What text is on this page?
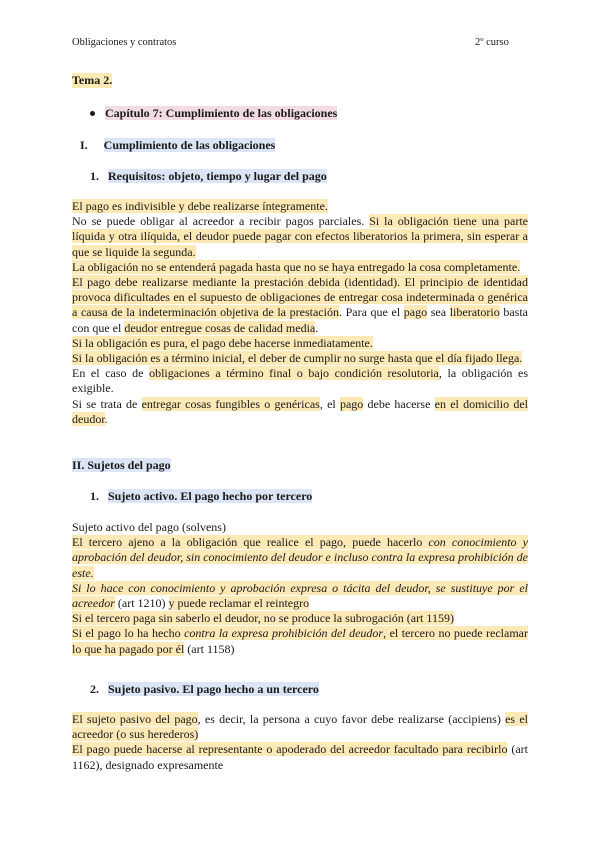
Obligaciones y contratos	2º curso
Tema 2.
Capítulo 7: Cumplimiento de las obligaciones
I. Cumplimiento de las obligaciones
1. Requisitos: objeto, tiempo y lugar del pago

El pago es indivisible y debe realizarse íntegramente.

No se puede obligar al acreedor a recibir pagos parciales. Si la obligación tiene una parte líquida y otra ilíquida, el deudor puede pagar con efectos liberatorios la primera, sin esperar a que se liquide la segunda.

La obligación no se entenderá pagada hasta que no se haya entregado la cosa completamente.

El pago debe realizarse mediante la prestación debida (identidad). El principio de identidad provoca dificultades en el supuesto de obligaciones de entregar cosa indeterminada o genérica a causa de la indeterminación objetiva de la prestación. Para que el pago sea liberatorio basta con que el deudor entregue cosas de calidad media.

Si la obligación es pura, el pago debe hacerse inmediatamente.

Si la obligación es a término inicial, el deber de cumplir no surge hasta que el día fijado llega.

En el caso de obligaciones a término final o bajo condición resolutoria, la obligación es exigible.

Si se trata de entregar cosas fungibles o genéricas, el pago debe hacerse en el domicilio del deudor.

II. Sujetos del pago
1. Sujeto activo. El pago hecho por tercero

Sujeto activo del pago (solvens)

El tercero ajeno a la obligación que realice el pago, puede hacerlo con conocimiento y aprobación del deudor, sin conocimiento del deudor e incluso contra la expresa prohibición de este.

Si lo hace con conocimiento y aprobación expresa o tácita del deudor, se sustituye por el acreedor (art 1210) y puede reclamar el reintegro

Si el tercero paga sin saberlo el deudor, no se produce la subrogación (art 1159)

Si el pago lo ha hecho contra la expresa prohibición del deudor, el tercero no puede reclamar lo que ha pagado por él (art 1158)

2. Sujeto pasivo. El pago hecho a un tercero

El sujeto pasivo del pago, es decir, la persona a cuyo favor debe realizarse (accipiens) es el acreedor (o sus herederos)

El pago puede hacerse al representante o apoderado del acreedor facultado para recibirlo (art 1162), designado expresamente
